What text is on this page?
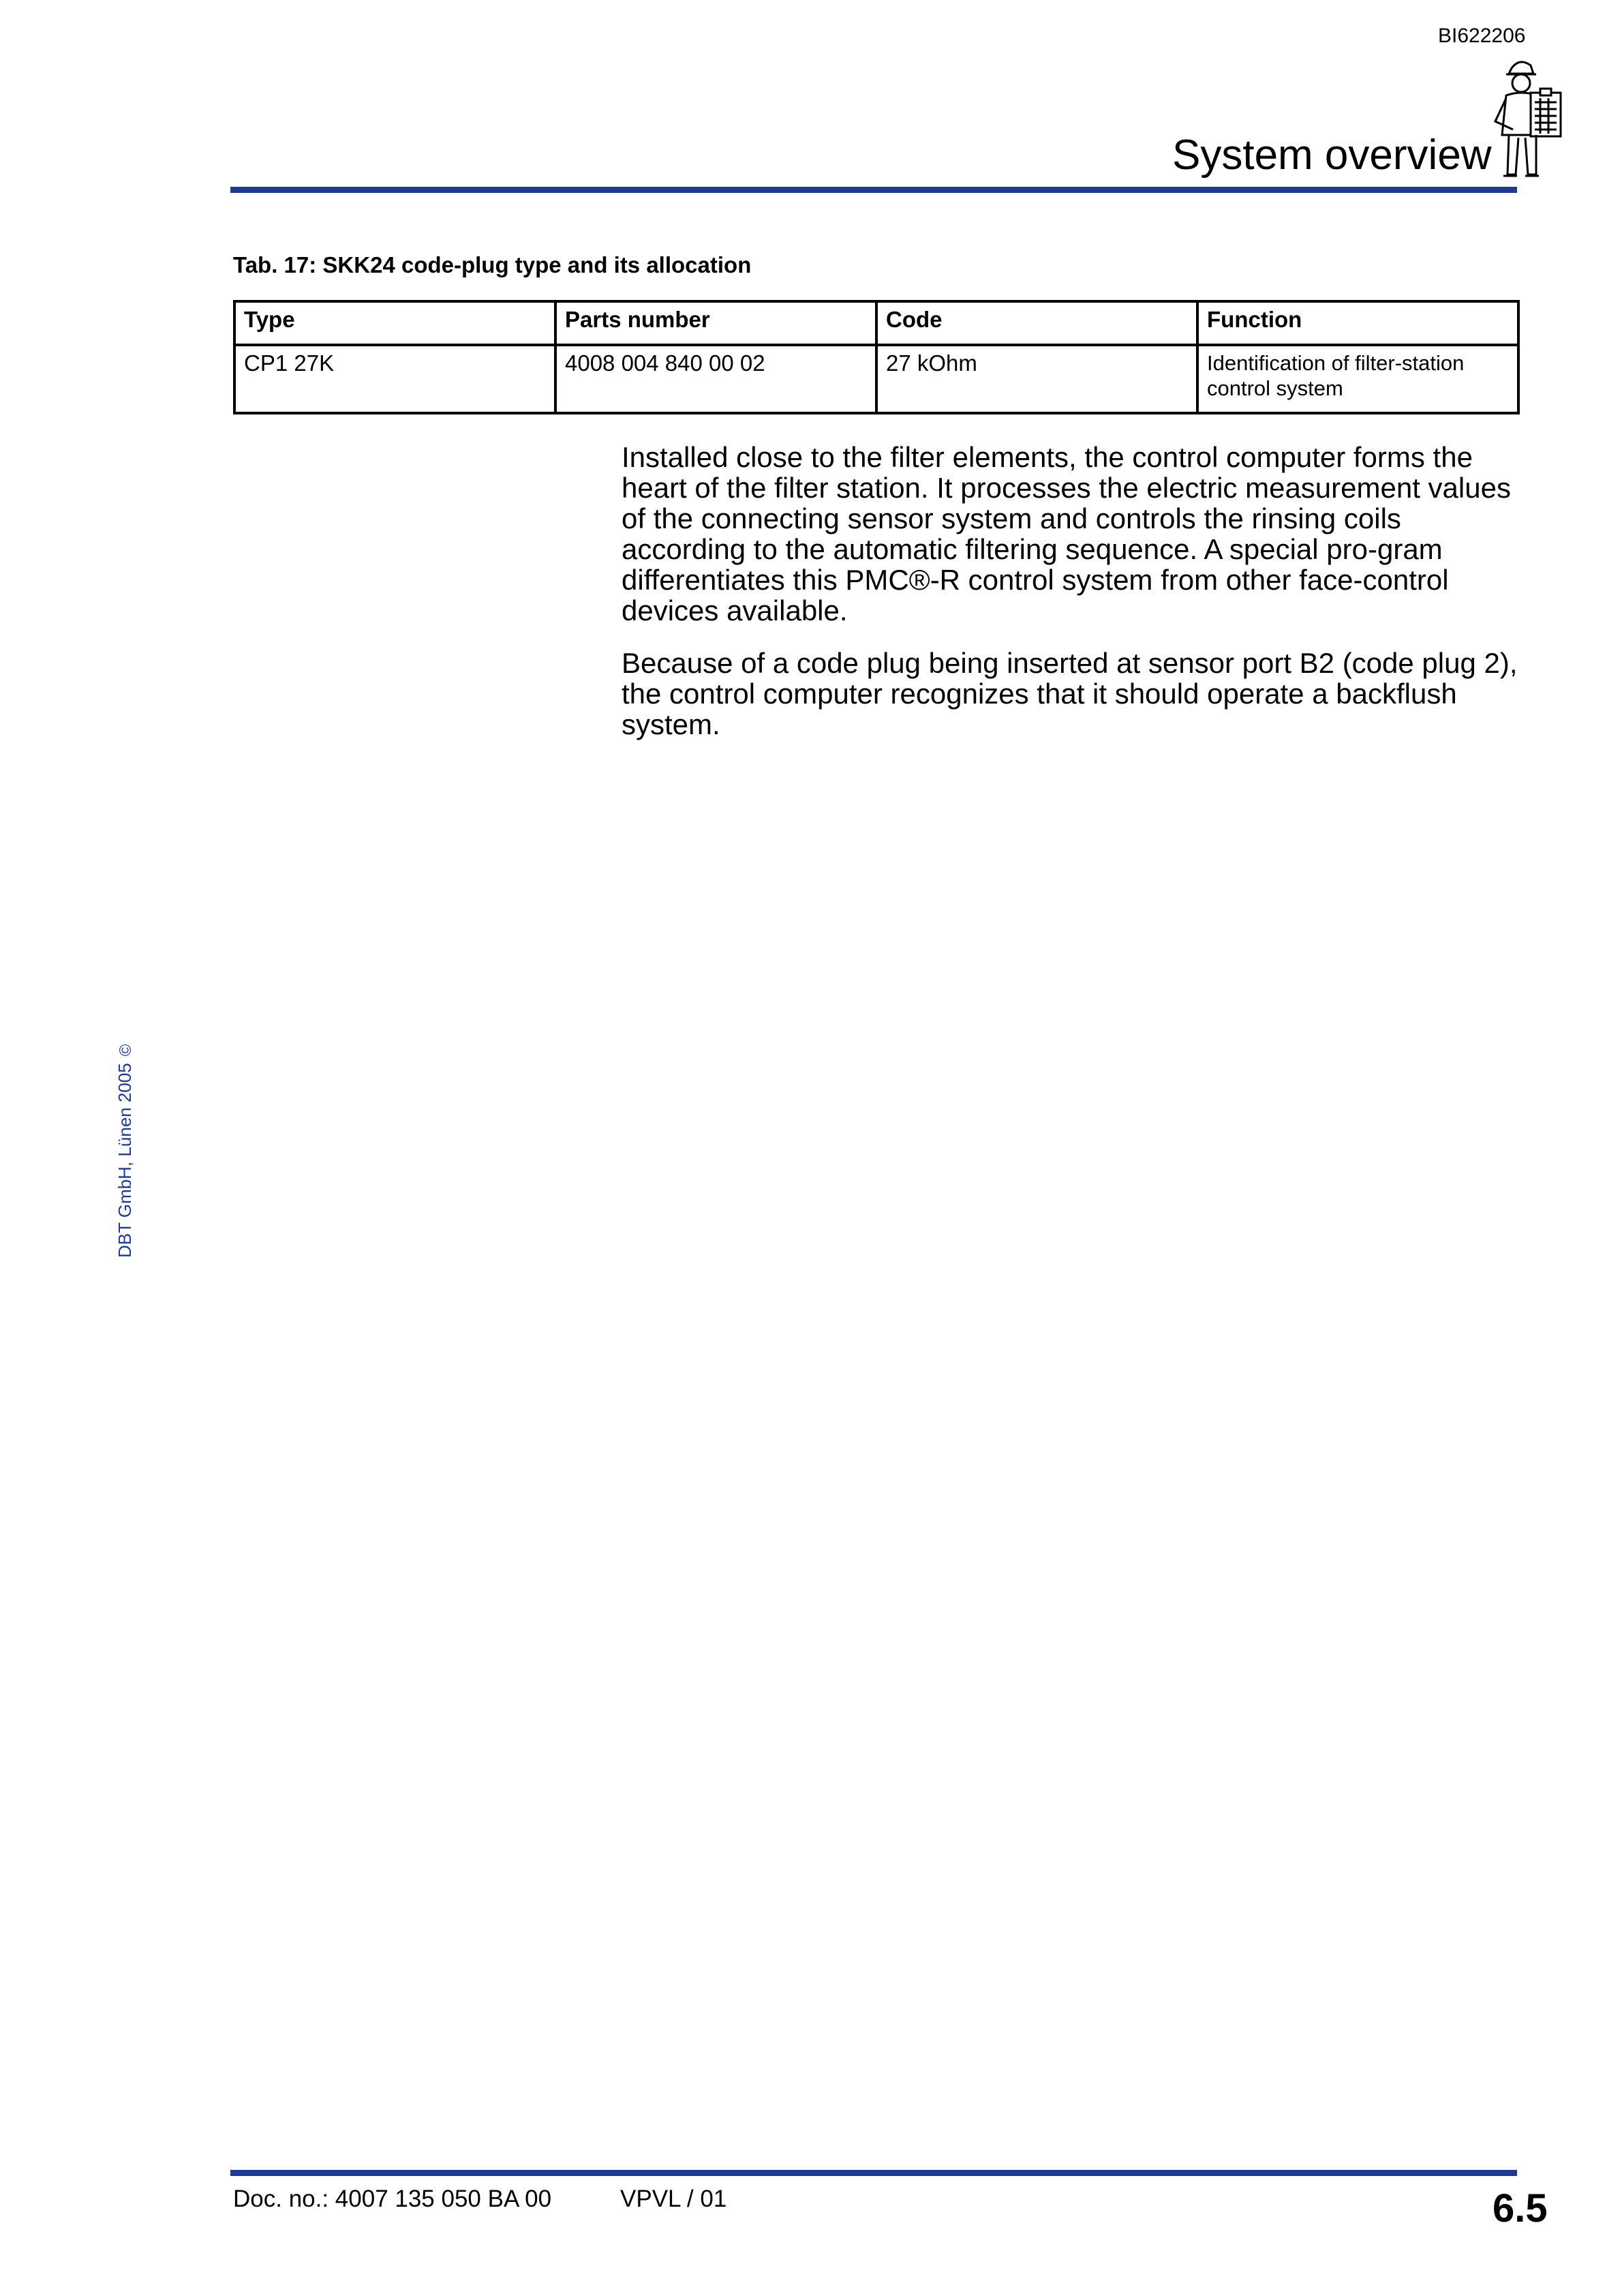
BI622206
System overview
Tab. 17: SKK24 code-plug type and its allocation
Type	Parts number	Code	Function
CP1 27K	4008 004 840 00 02	27 kOhm	Identification of filter-station control system

Installed close to the filter elements, the control computer forms the heart of the filter station. It processes the electric measurement values of the connecting sensor system and controls the rinsing coils according to the automatic filtering sequence. A special pro-gram differentiates this PMC®-R control system from other face-control devices available.

Because of a code plug being inserted at sensor port B2 (code plug 2), the control computer recognizes that it should operate a backflush system.

DBT GmbH, Lünen 2005©
Doc. no.: 4007 135 050 BA 00	VPVL / 01	6.5
